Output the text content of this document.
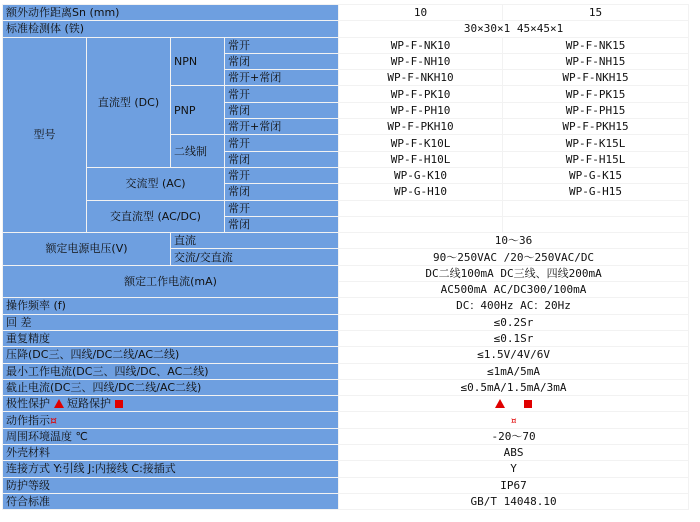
额外动作距离Sn (mm)				10	15
标准检测体 (铁)				30×30×1 45×45×1	
型号	直流型 (DC)	NPN	常开	WP-F-NK10	WP-F-NK15
			常闭	WP-F-NH10	WP-F-NH15
			常开+常闭	WP-F-NKH10	WP-F-NKH15
		PNP	常开	WP-F-PK10	WP-F-PK15
			常闭	WP-F-PH10	WP-F-PH15
			常开+常闭	WP-F-PKH10	WP-F-PKH15
		二线制	常开	WP-F-K10L	WP-F-K15L
			常闭	WP-F-H10L	WP-F-H15L
	交流型 (AC)		常开	WP-G-K10	WP-G-K15
			常闭	WP-G-H10	WP-G-H15
	交直流型 (AC/DC)		常开		
			常闭		
额定电源电压(V)		直流		10～36	
		交流/交直流		90～250VAC /20～250VAC/DC	
额定工作电流(mA)				DC二线100mA DC三线、四线200mA	
				AC500mA AC/DC300/100mA	
操作频率 (f)				DC：400Hz AC：20Hz	
回 差				≤0.2Sr	
重复精度				≤0.1Sr	
压降(DC三、四线/DC二线/AC二线)				≤1.5V/4V/6V	
最小工作电流(DC三、四线/DC、AC二线)				≤1mA/5mA	
截止电流(DC三、四线/DC二线/AC二线)				≤0.5mA/1.5mA/3mA	
极性保护 短路保护					
动作指示¤				¤	
周围环境温度 ℃				-20～70	
外壳材料				ABS	
连接方式 Y:引线 J:内接线 C:接插式				Y	
防护等级				IP67	
符合标准				GB/T 14048.10	
